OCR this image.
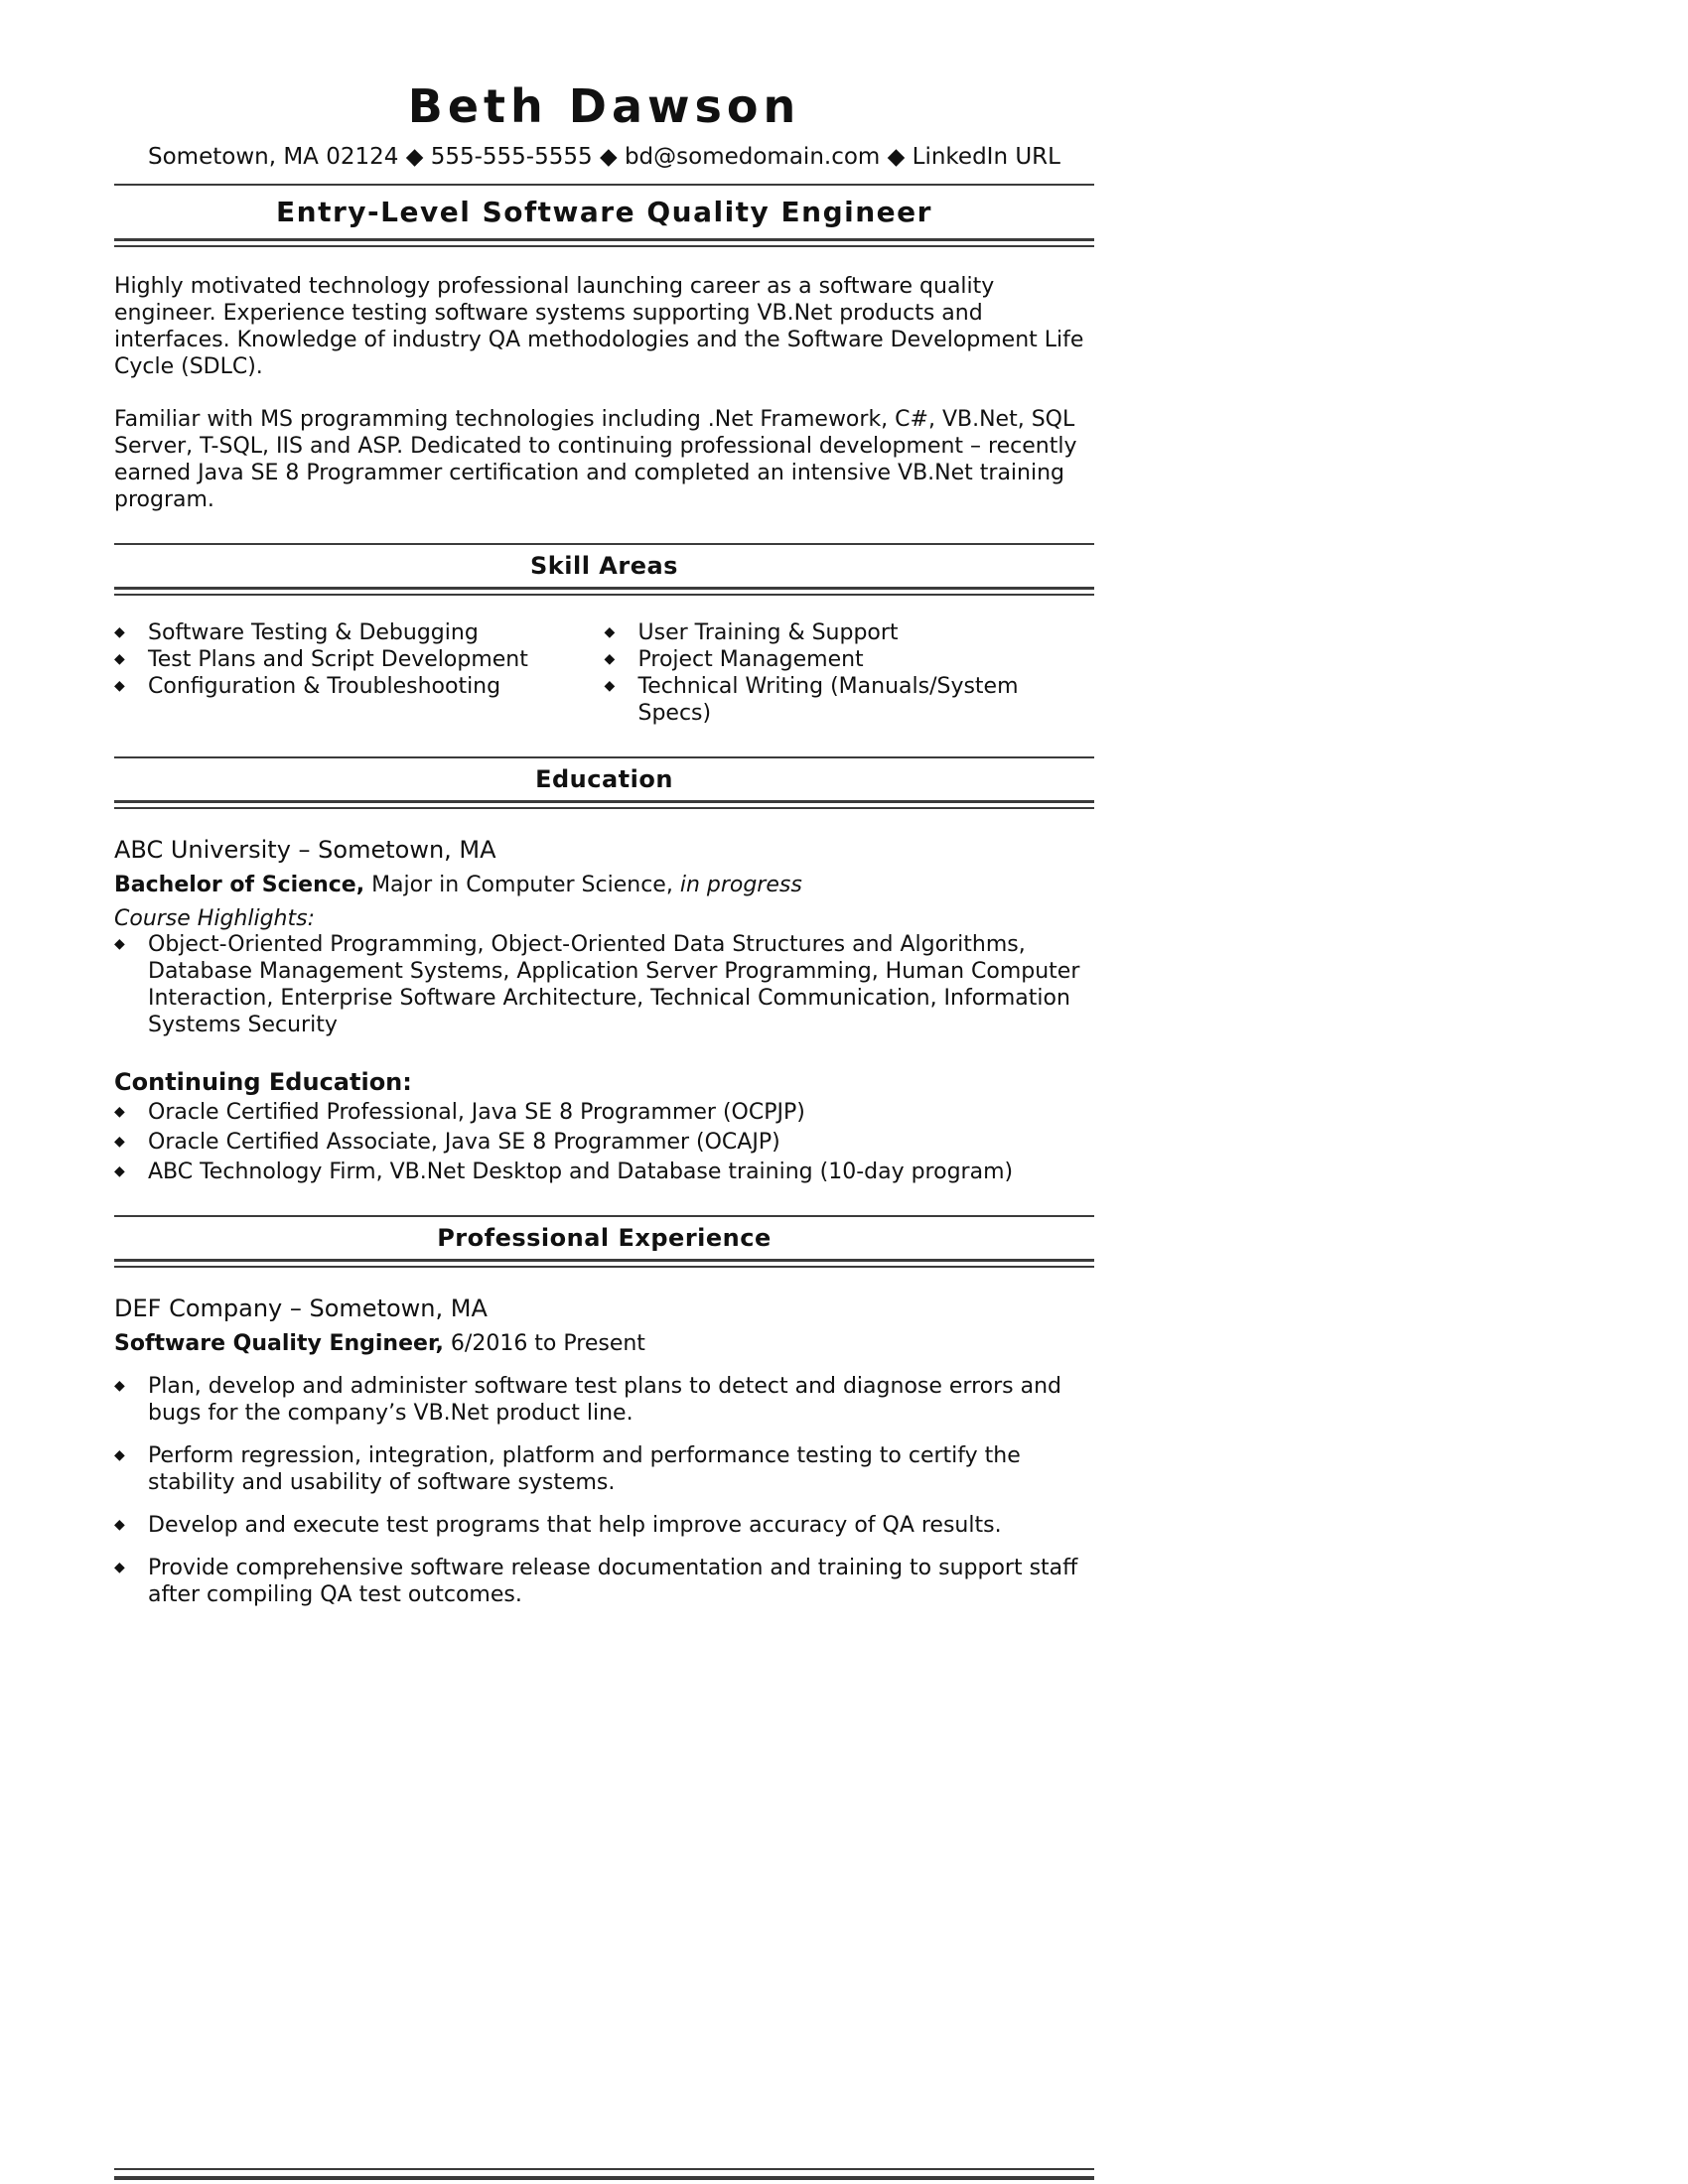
Beth Dawson
Sometown, MA 02124 ◆ 555-555-5555 ◆ bd@somedomain.com ◆ LinkedIn URL
Entry-Level Software Quality Engineer

Highly motivated technology professional launching career as a software quality engineer. Experience testing software systems supporting VB.Net products and interfaces. Knowledge of industry QA methodologies and the Software Development Life Cycle (SDLC).

Familiar with MS programming technologies including .Net Framework, C#, VB.Net, SQL Server, T-SQL, IIS and ASP. Dedicated to continuing professional development – recently earned Java SE 8 Programmer certification and completed an intensive VB.Net training program.

Skill Areas
◆	Software Testing & Debugging
◆	Test Plans and Script Development
◆	Configuration & Troubleshooting
◆	User Training & Support
◆	Project Management
◆	Technical Writing (Manuals/System Specs)
Education

ABC University – Sometown, MA

Bachelor of Science, Major in Computer Science, in progress

Course Highlights:

◆	Object-Oriented Programming, Object-Oriented Data Structures and Algorithms, Database Management Systems, Application Server Programming, Human Computer Interaction, Enterprise Software Architecture, Technical Communication, Information Systems Security
Continuing Education:
◆	Oracle Certified Professional, Java SE 8 Programmer (OCPJP)
◆	Oracle Certified Associate, Java SE 8 Programmer (OCAJP)
◆	ABC Technology Firm, VB.Net Desktop and Database training (10-day program)
Professional Experience

DEF Company – Sometown, MA

Software Quality Engineer, 6/2016 to Present

◆	Plan, develop and administer software test plans to detect and diagnose errors and bugs for the company’s VB.Net product line.
◆	Perform regression, integration, platform and performance testing to certify the stability and usability of software systems.
◆	Develop and execute test programs that help improve accuracy of QA results.
◆	Provide comprehensive software release documentation and training to support staff after compiling QA test outcomes.
